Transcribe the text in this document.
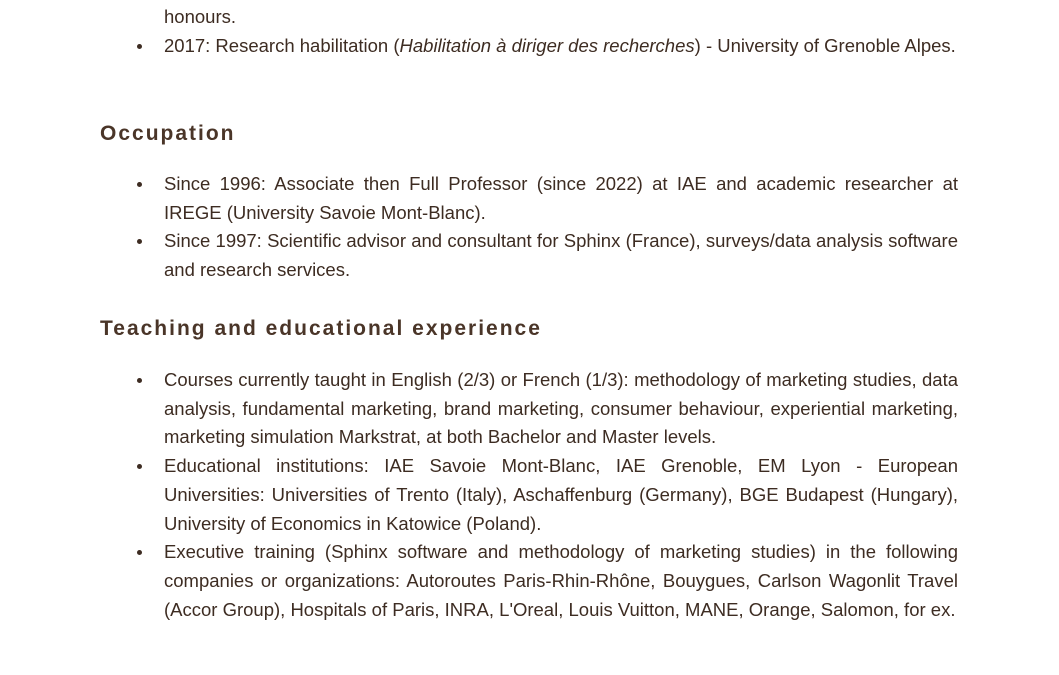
honours.
2017: Research habilitation (Habilitation à diriger des recherches) - University of Grenoble Alpes.
Occupation
Since 1996: Associate then Full Professor (since 2022) at IAE and academic researcher at IREGE (University Savoie Mont-Blanc).
Since 1997: Scientific advisor and consultant for Sphinx (France), surveys/data analysis software and research services.
Teaching and educational experience
Courses currently taught in English (2/3) or French (1/3): methodology of marketing studies, data analysis, fundamental marketing, brand marketing, consumer behaviour, experiential marketing, marketing simulation Markstrat, at both Bachelor and Master levels.
Educational institutions: IAE Savoie Mont-Blanc, IAE Grenoble, EM Lyon - European Universities: Universities of Trento (Italy), Aschaffenburg (Germany), BGE Budapest (Hungary), University of Economics in Katowice (Poland).
Executive training (Sphinx software and methodology of marketing studies) in the following companies or organizations: Autoroutes Paris-Rhin-Rhône, Bouygues, Carlson Wagonlit Travel (Accor Group), Hospitals of Paris, INRA, L'Oreal, Louis Vuitton, MANE, Orange, Salomon, for ex.
